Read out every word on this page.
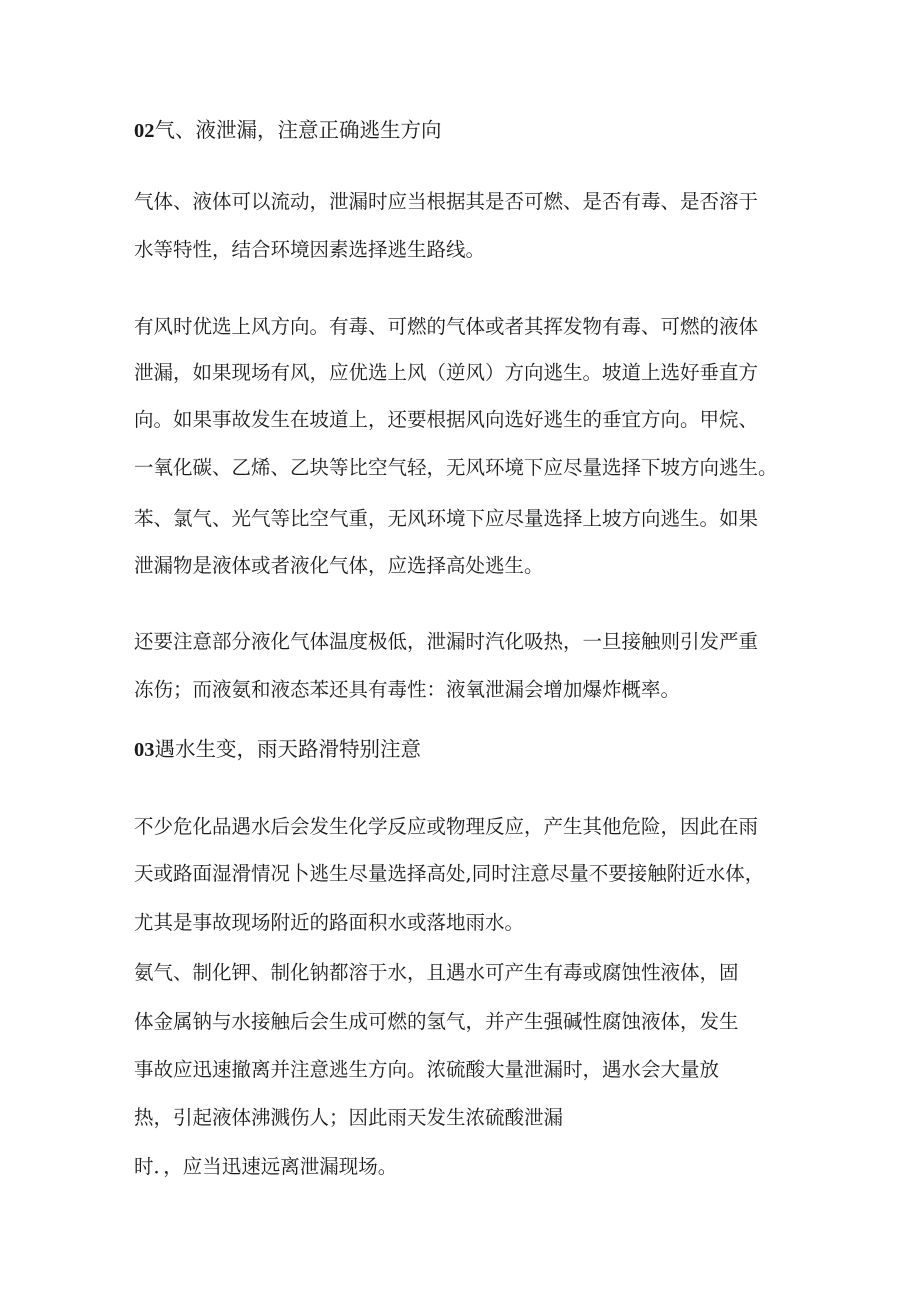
02气、液泄漏，注意正确逃生方向

气体、液体可以流动，泄漏时应当根据其是否可燃、是否有毒、是否溶于

水等特性，结合环境因素选择逃生路线。

有风时优选上风方向。有毒、可燃的气体或者其挥发物有毒、可燃的液体

泄漏，如果现场有风，应优选上风（逆风）方向逃生。坡道上选好垂直方

向。如果事故发生在坡道上，还要根据风向选好逃生的垂宜方向。甲烷、

一氧化碳、乙烯、乙块等比空气轻，无风环境下应尽量选择下坡方向逃生。

苯、氯气、光气等比空气重，无风环境下应尽量选择上坡方向逃生。如果

泄漏物是液体或者液化气体，应选择高处逃生。

还要注意部分液化气体温度极低，泄漏时汽化吸热，一旦接触则引发严重

冻伤；而液氨和液态苯还具有毒性：液氧泄漏会增加爆炸概率。

03遇水生变，雨天路滑特别注意

不少危化品遇水后会发生化学反应或物理反应，产生其他危险，因此在雨

天或路面湿滑情况卜逃生尽量选择高处,同时注意尽量不要接触附近水体，

尤其是事故现场附近的路面积水或落地雨水。

氨气、制化钾、制化钠都溶于水，且遇水可产生有毒或腐蚀性液体，固

体金属钠与水接触后会生成可燃的氢气，并产生强碱性腐蚀液体，发生

事故应迅速撤离并注意逃生方向。浓硫酸大量泄漏时，遇水会大量放

热，引起液体沸溅伤人；因此雨天发生浓硫酸泄漏

时．，应当迅速远离泄漏现场。
